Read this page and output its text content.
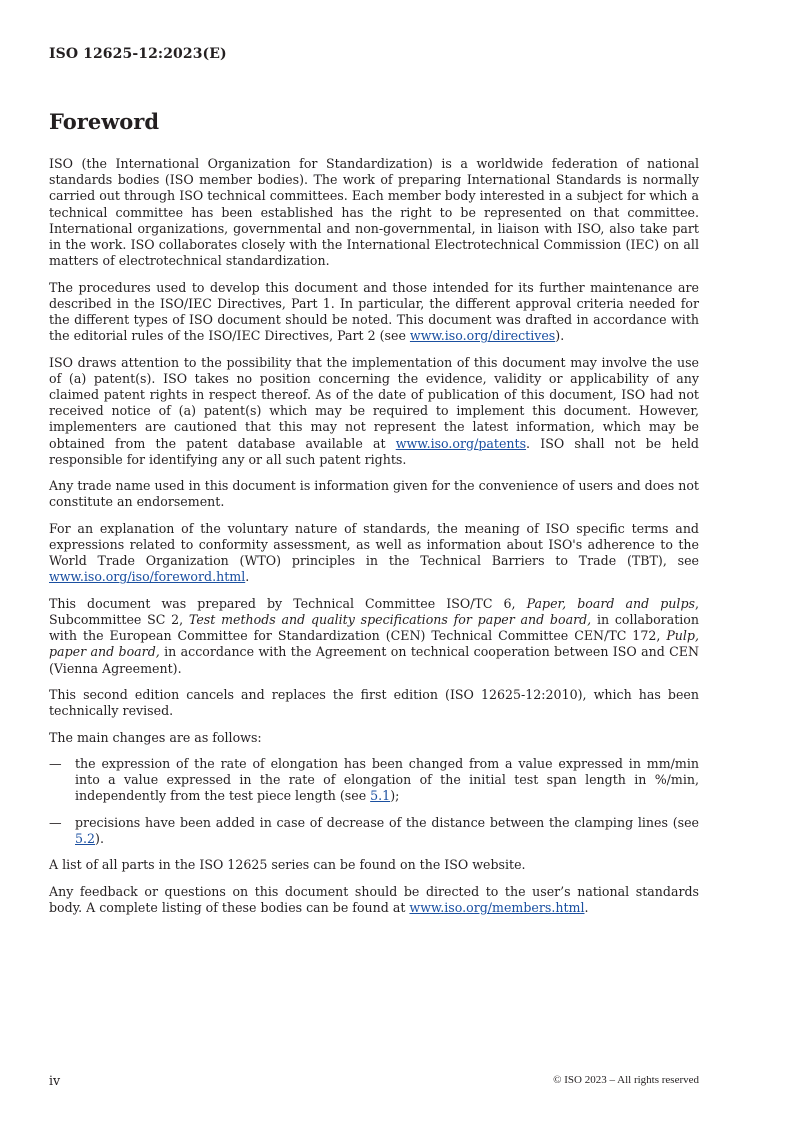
ISO 12625-12:2023(E)
Foreword

ISO (the International Organization for Standardization) is a worldwide federation of national standards bodies (ISO member bodies). The work of preparing International Standards is normally carried out through ISO technical committees. Each member body interested in a subject for which a technical committee has been established has the right to be represented on that committee. International organizations, governmental and non-governmental, in liaison with ISO, also take part in the work. ISO collaborates closely with the International Electrotechnical Commission (IEC) on all matters of electrotechnical standardization.

The procedures used to develop this document and those intended for its further maintenance are described in the ISO/IEC Directives, Part 1. In particular, the different approval criteria needed for the different types of ISO document should be noted. This document was drafted in accordance with the editorial rules of the ISO/IEC Directives, Part 2 (see www.iso.org/directives).

ISO draws attention to the possibility that the implementation of this document may involve the use of (a) patent(s). ISO takes no position concerning the evidence, validity or applicability of any claimed patent rights in respect thereof. As of the date of publication of this document, ISO had not received notice of (a) patent(s) which may be required to implement this document. However, implementers are cautioned that this may not represent the latest information, which may be obtained from the patent database available at www.iso.org/patents. ISO shall not be held responsible for identifying any or all such patent rights.

Any trade name used in this document is information given for the convenience of users and does not constitute an endorsement.

For an explanation of the voluntary nature of standards, the meaning of ISO specific terms and expressions related to conformity assessment, as well as information about ISO's adherence to the World Trade Organization (WTO) principles in the Technical Barriers to Trade (TBT), see www.iso.org/iso/foreword.html.

This document was prepared by Technical Committee ISO/TC 6, Paper, board and pulps, Subcommittee SC 2, Test methods and quality specifications for paper and board, in collaboration with the European Committee for Standardization (CEN) Technical Committee CEN/TC 172, Pulp, paper and board, in accordance with the Agreement on technical cooperation between ISO and CEN (Vienna Agreement).

This second edition cancels and replaces the first edition (ISO 12625-12:2010), which has been technically revised.

The main changes are as follows:

— the expression of the rate of elongation has been changed from a value expressed in mm/min into a value expressed in the rate of elongation of the initial test span length in %/min, independently from the test piece length (see 5.1);
— precisions have been added in case of decrease of the distance between the clamping lines (see 5.2).

A list of all parts in the ISO 12625 series can be found on the ISO website.

Any feedback or questions on this document should be directed to the user’s national standards body. A complete listing of these bodies can be found at www.iso.org/members.html.

iv	© ISO 2023 – All rights reserved
